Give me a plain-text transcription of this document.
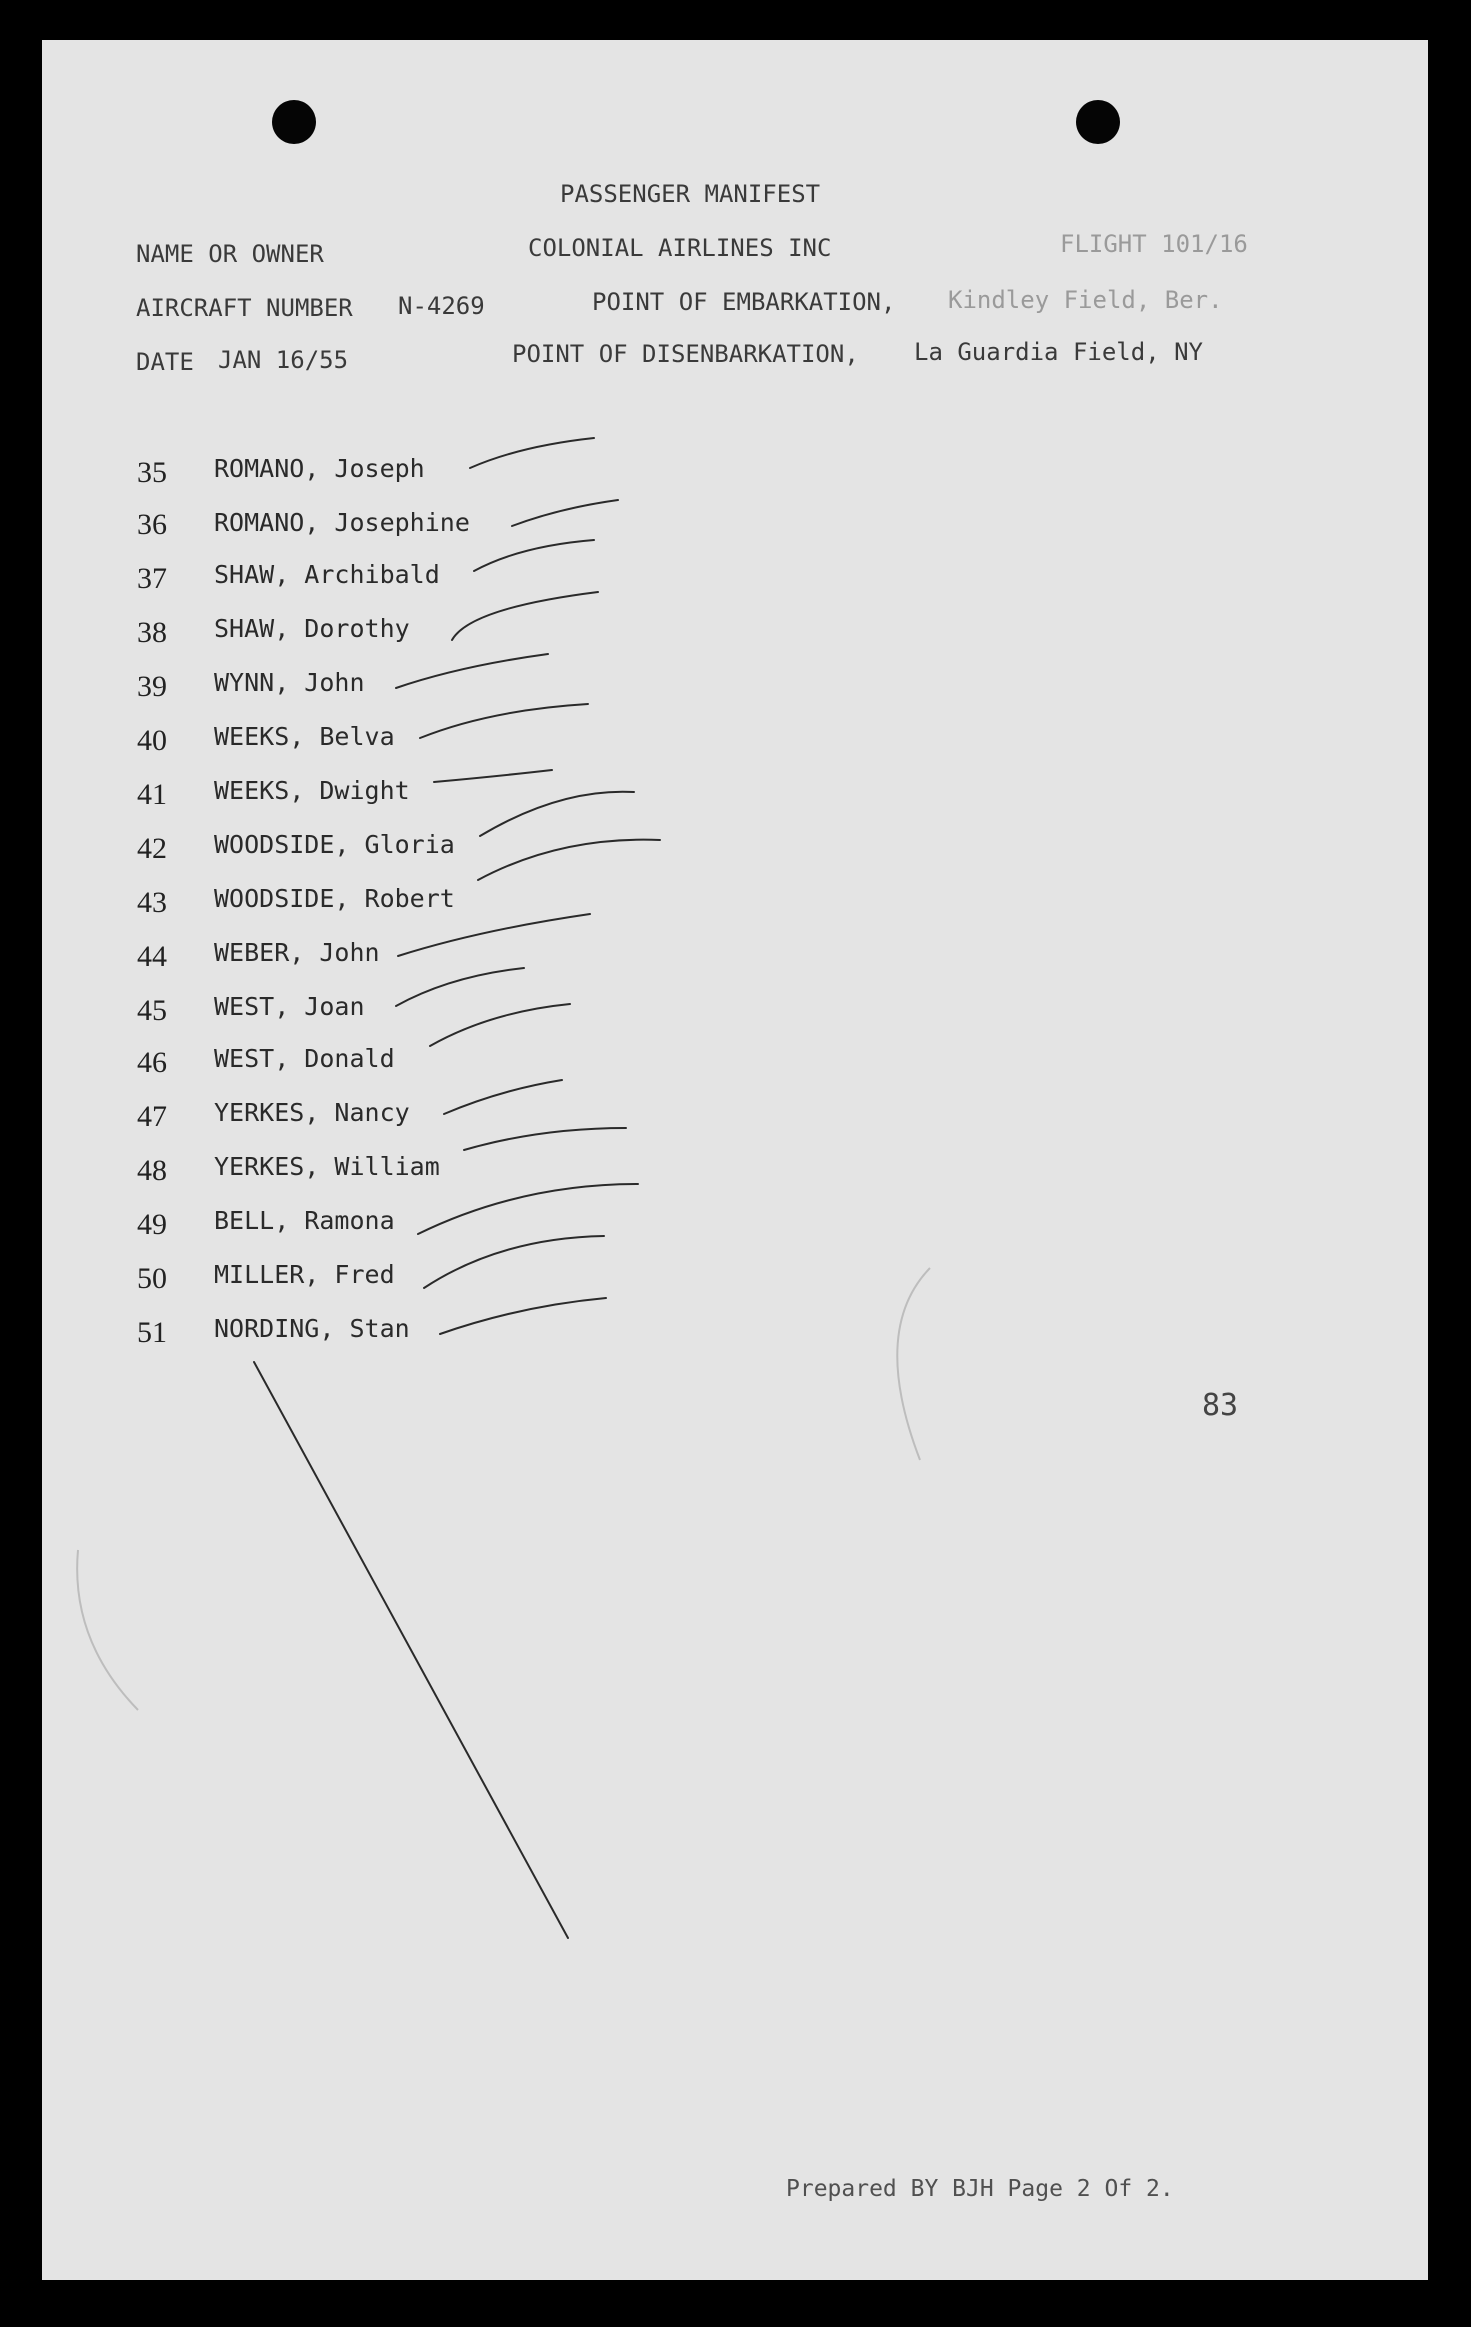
PASSENGER MANIFEST
NAME OR OWNER	COLONIAL AIRLINES INC	FLIGHT 101/16
AIRCRAFT NUMBER N-4269	POINT OF EMBARKATION, Kindley Field, Ber.
DATE JAN 16/55	POINT OF DISENBARKATION, La Guardia Field, NY
35 ROMANO, Joseph
36 ROMANO, Josephine
37 SHAW, Archibald
38 SHAW, Dorothy
39 WYNN, John
40 WEEKS, Belva
41 WEEKS, Dwight
42 WOODSIDE, Gloria
43 WOODSIDE, Robert
44 WEBER, John
45 WEST, Joan
46 WEST, Donald
47 YERKES, Nancy
48 YERKES, William
49 BELL, Ramona
50 MILLER, Fred
51 NORDING, Stan
83
Prepared BY BJH Page 2 Of 2.
